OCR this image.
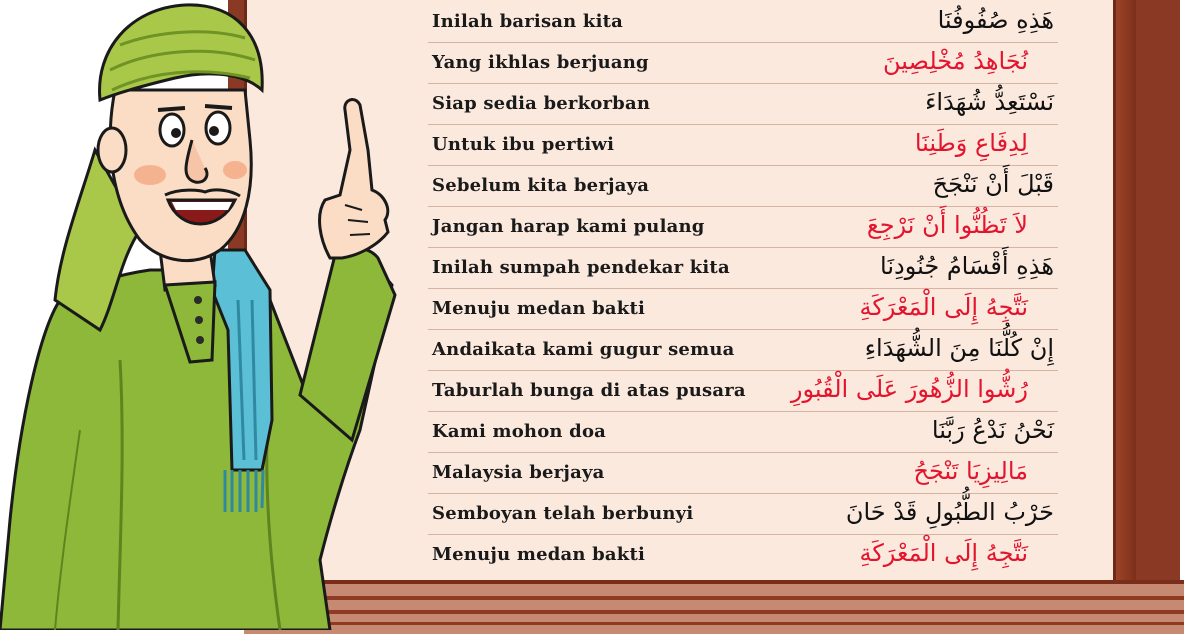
Inilah barisan kita	هَذِهِ صُفُوفُنَا
Yang ikhlas berjuang	نُجَاهِدُ مُخْلِصِينَ
Siap sedia berkorban	نَسْتَعِدُّ شُهَدَاءَ
Untuk ibu pertiwi	لِدِفَاعِ وَطَنِنَا
Sebelum kita berjaya	قَبْلَ أَنْ نَنْجَحَ
Jangan harap kami pulang	لاَ تَظُنُّوا أَنْ نَرْجِعَ
Inilah sumpah pendekar kita	هَذِهِ أَقْسَامُ جُنُودِنَا
Menuju medan bakti	نَتَّجِهُ إِلَى الْمَعْرَكَةِ
Andaikata kami gugur semua	إِنْ كُلُّنَا مِنَ الشُّهَدَاءِ
Taburlah bunga di atas pusara رُشُّوا الزُّهُورَ عَلَى الْقُبُورِ
Kami mohon doa	نَحْنُ نَدْعُ رَبَّنَا
Malaysia berjaya	مَالِيزِيَا تَنْجَحُ
Semboyan telah berbunyi	حَرْبُ الطُّبُولِ قَدْ حَانَ
Menuju medan bakti	نَتَّجِهُ إِلَى الْمَعْرَكَةِ
